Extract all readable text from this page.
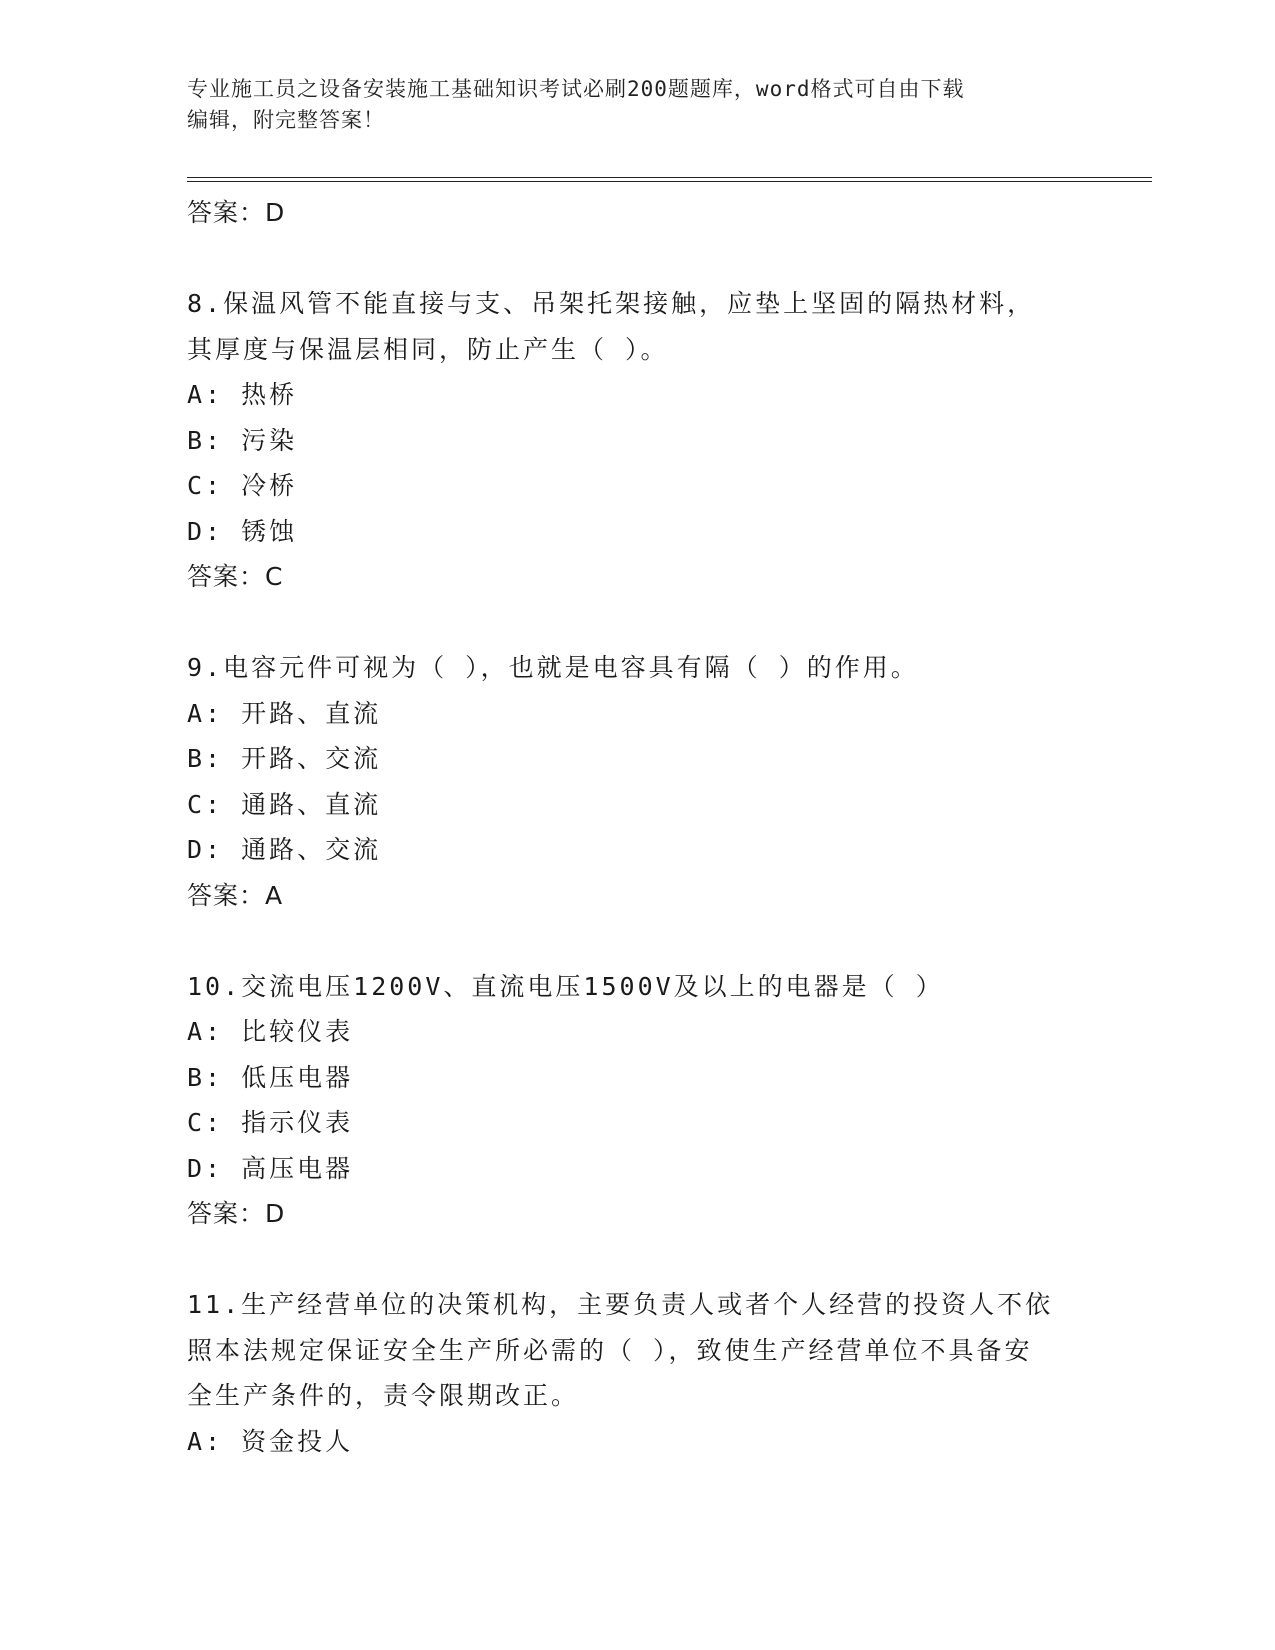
专业施工员之设备安装施工基础知识考试必刷200题题库，word格式可自由下载
编辑，附完整答案！
答案：D
8.保温风管不能直接与支、吊架托架接触，应垫上坚固的隔热材料，
其厚度与保温层相同，防止产生（ ）。
A: 热桥
B: 污染
C: 冷桥
D: 锈蚀
答案：C
9.电容元件可视为（ ），也就是电容具有隔（ ）的作用。
A: 开路、直流
B: 开路、交流
C: 通路、直流
D: 通路、交流
答案：A
10.交流电压1200V、直流电压1500V及以上的电器是（ ）
A: 比较仪表
B: 低压电器
C: 指示仪表
D: 高压电器
答案：D
11.生产经营单位的决策机构，主要负责人或者个人经营的投资人不依
照本法规定保证安全生产所必需的（ ），致使生产经营单位不具备安
全生产条件的，责令限期改正。
A: 资金投人
